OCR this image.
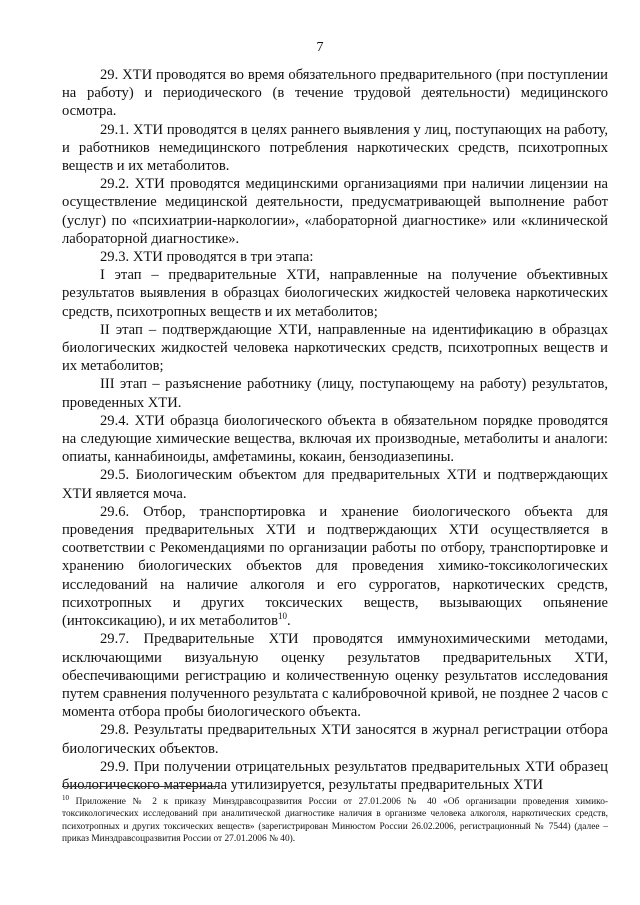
7

29. ХТИ проводятся во время обязательного предварительного (при поступлении на работу) и периодического (в течение трудовой деятельности) медицинского осмотра.

29.1. ХТИ проводятся в целях раннего выявления у лиц, поступающих на работу, и работников немедицинского потребления наркотических средств, психотропных веществ и их метаболитов.

29.2. ХТИ проводятся медицинскими организациями при наличии лицензии на осуществление медицинской деятельности, предусматривающей выполнение работ (услуг) по «психиатрии-наркологии», «лабораторной диагностике» или «клинической лабораторной диагностике».

29.3. ХТИ проводятся в три этапа:

I этап – предварительные ХТИ, направленные на получение объективных результатов выявления в образцах биологических жидкостей человека наркотических средств, психотропных веществ и их метаболитов;

II этап – подтверждающие ХТИ, направленные на идентификацию в образцах биологических жидкостей человека наркотических средств, психотропных веществ и их метаболитов;

III этап – разъяснение работнику (лицу, поступающему на работу) результатов, проведенных ХТИ.

29.4. ХТИ образца биологического объекта в обязательном порядке проводятся на следующие химические вещества, включая их производные, метаболиты и аналоги: опиаты, каннабиноиды, амфетамины, кокаин, бензодиазепины.

29.5. Биологическим объектом для предварительных ХТИ и подтверждающих ХТИ является моча.

29.6. Отбор, транспортировка и хранение биологического объекта для проведения предварительных ХТИ и подтверждающих ХТИ осуществляется в соответствии с Рекомендациями по организации работы по отбору, транспортировке и хранению биологических объектов для проведения химико-токсикологических исследований на наличие алкоголя и его суррогатов, наркотических средств, психотропных и других токсических веществ, вызывающих опьянение (интоксикацию), и их метаболитов$^{10}$.

29.7. Предварительные ХТИ проводятся иммунохимическими методами, исключающими визуальную оценку результатов предварительных ХТИ, обеспечивающими регистрацию и количественную оценку результатов исследования путем сравнения полученного результата с калибровочной кривой, не позднее 2 часов с момента отбора пробы биологического объекта.

29.8. Результаты предварительных ХТИ заносятся в журнал регистрации отбора биологических объектов.

29.9. При получении отрицательных результатов предварительных ХТИ образец биологического материала утилизируется, результаты предварительных ХТИ

$^{10}$ Приложение № 2 к приказу Минздравсоцразвития России от 27.01.2006 № 40 «Об организации проведения химико-токсикологических исследований при аналитической диагностике наличия в организме человека алкоголя, наркотических средств, психотропных и других токсических веществ» (зарегистрирован Минюстом России 26.02.2006, регистрационный № 7544) (далее – приказ Минздравсоцразвития России от 27.01.2006 № 40).
